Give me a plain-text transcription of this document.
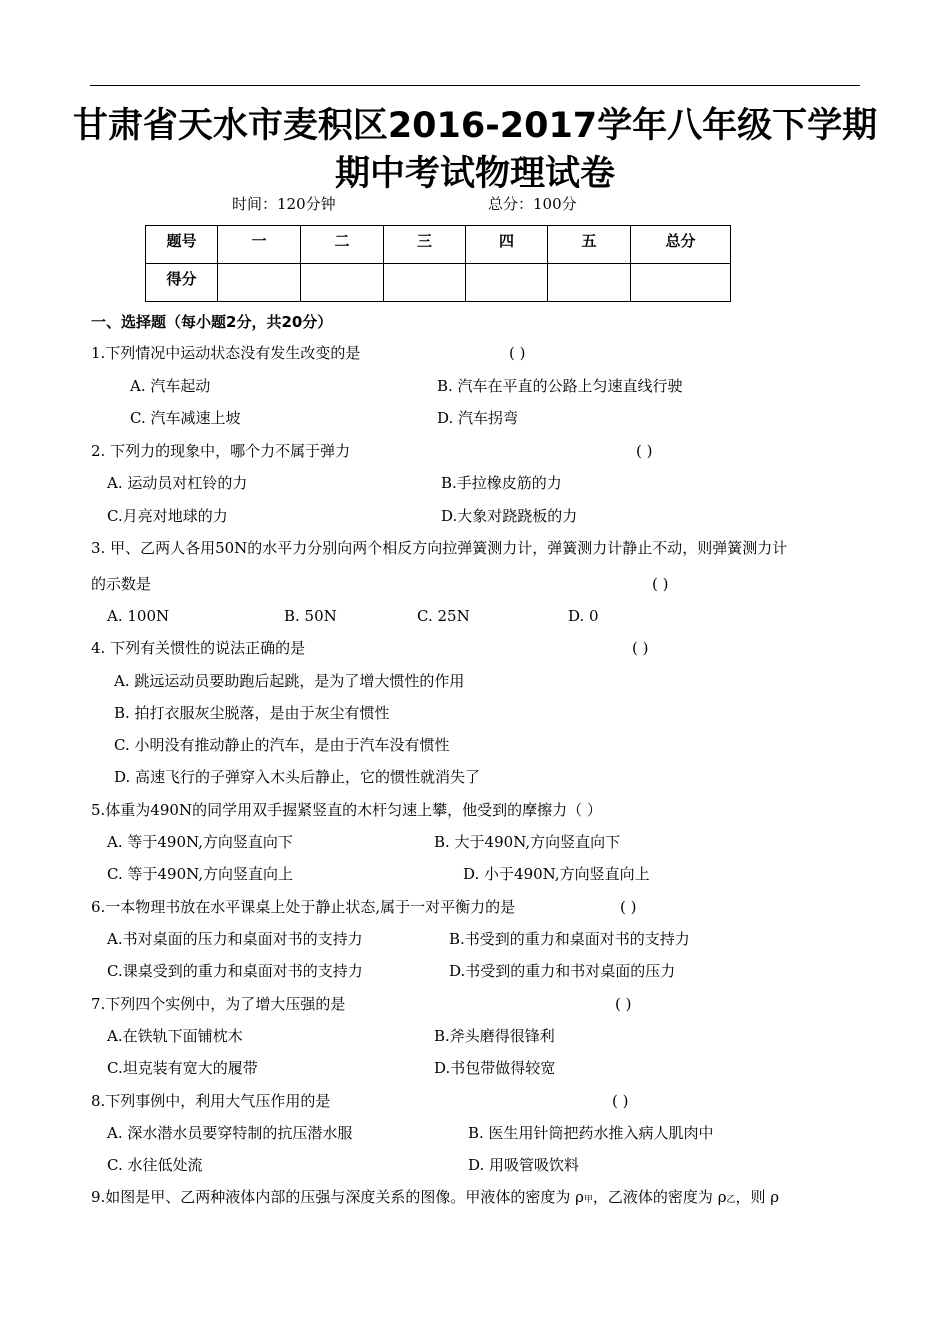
甘肃省天水市麦积区2016-2017学年八年级下学期
期中考试物理试卷
时间：120分钟	总分：100分
题号	一	二	三	四	五	总分
得分						
一、选择题（每小题2分，共20分）
1.下列情况中运动状态没有发生改变的是	( )
A. 汽车起动	B. 汽车在平直的公路上匀速直线行驶
C. 汽车减速上坡	D. 汽车拐弯
2. 下列力的现象中，哪个力不属于弹力	( )
A. 运动员对杠铃的力	B.手拉橡皮筋的力
C.月亮对地球的力	D.大象对跷跷板的力
3. 甲、乙两人各用50N的水平力分别向两个相反方向拉弹簧测力计，弹簧测力计静止不动，则弹簧测力计
的示数是	( )
A. 100N	B. 50N	C. 25N	D. 0
4. 下列有关惯性的说法正确的是	( )
A. 跳远运动员要助跑后起跳，是为了增大惯性的作用
B. 拍打衣服灰尘脱落，是由于灰尘有惯性
C. 小明没有推动静止的汽车，是由于汽车没有惯性
D. 高速飞行的子弹穿入木头后静止，它的惯性就消失了
5.体重为490N的同学用双手握紧竖直的木杆匀速上攀，他受到的摩擦力（ ）
A. 等于490N,方向竖直向下	B. 大于490N,方向竖直向下
C. 等于490N,方向竖直向上	D. 小于490N,方向竖直向上
6.一本物理书放在水平课桌上处于静止状态,属于一对平衡力的是	( )
A.书对桌面的压力和桌面对书的支持力	B.书受到的重力和桌面对书的支持力
C.课桌受到的重力和桌面对书的支持力	D.书受到的重力和书对桌面的压力
7.下列四个实例中，为了增大压强的是	( )
A.在铁轨下面铺枕木	B.斧头磨得很锋利
C.坦克装有宽大的履带	D.书包带做得较宽
8.下列事例中，利用大气压作用的是	( )
A. 深水潜水员要穿特制的抗压潜水服	B. 医生用针筒把药水推入病人肌肉中
C. 水往低处流	D. 用吸管吸饮料
9.如图是甲、乙两种液体内部的压强与深度关系的图像。甲液体的密度为 ρ甲，乙液体的密度为 ρ乙，则 ρ
